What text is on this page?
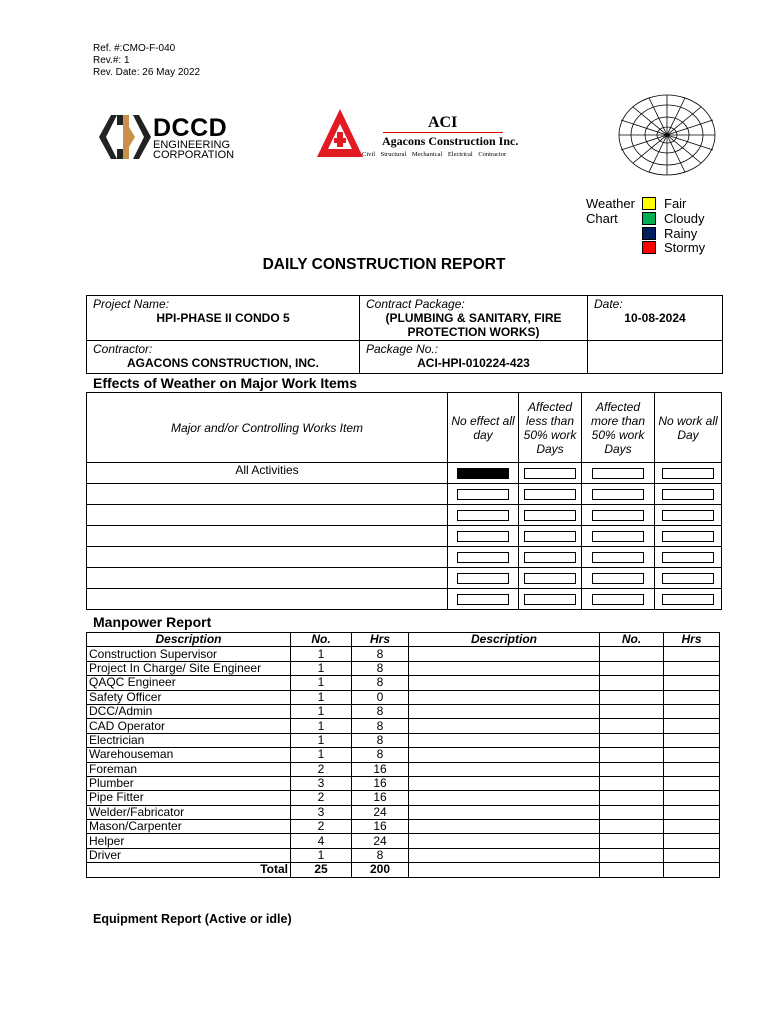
Ref. #:CMO-F-040
Rev.#: 1
Rev. Date: 26 May 2022
DCCD
ENGINEERING
CORPORATION
ACI
Agacons Construction Inc.
Civil Structural Mechanical Electrical Contractor
Weather Chart
Fair
Cloudy
Rainy
Stormy
DAILY CONSTRUCTION REPORT
Project Name:
HPI-PHASE II CONDO 5	Contract Package:
(PLUMBING & SANITARY, FIRE PROTECTION WORKS)	Date:
10-08-2024

Contractor:
AGACONS CONSTRUCTION, INC.	Package No.:
ACI-HPI-010224-423	

Effects of Weather on Major Work Items
Major and/or Controlling Works Item	No effect all day	Affected less than 50% work Days	Affected more than 50% work Days	No work all Day
All Activities				

Manpower Report
Description	No.	Hrs	Description	No.	Hrs
Construction Supervisor	1	8			
Project In Charge/ Site Engineer	1	8			
QAQC Engineer	1	8			
Safety Officer	1	0			
DCC/Admin	1	8			
CAD Operator	1	8			
Electrician	1	8			
Warehouseman	1	8			
Foreman	2	16			
Plumber	3	16			
Pipe Fitter	2	16			
Welder/Fabricator	3	24			
Mason/Carpenter	2	16			
Helper	4	24			
Driver	1	8			
Total	25	200			
Equipment Report (Active or idle)
